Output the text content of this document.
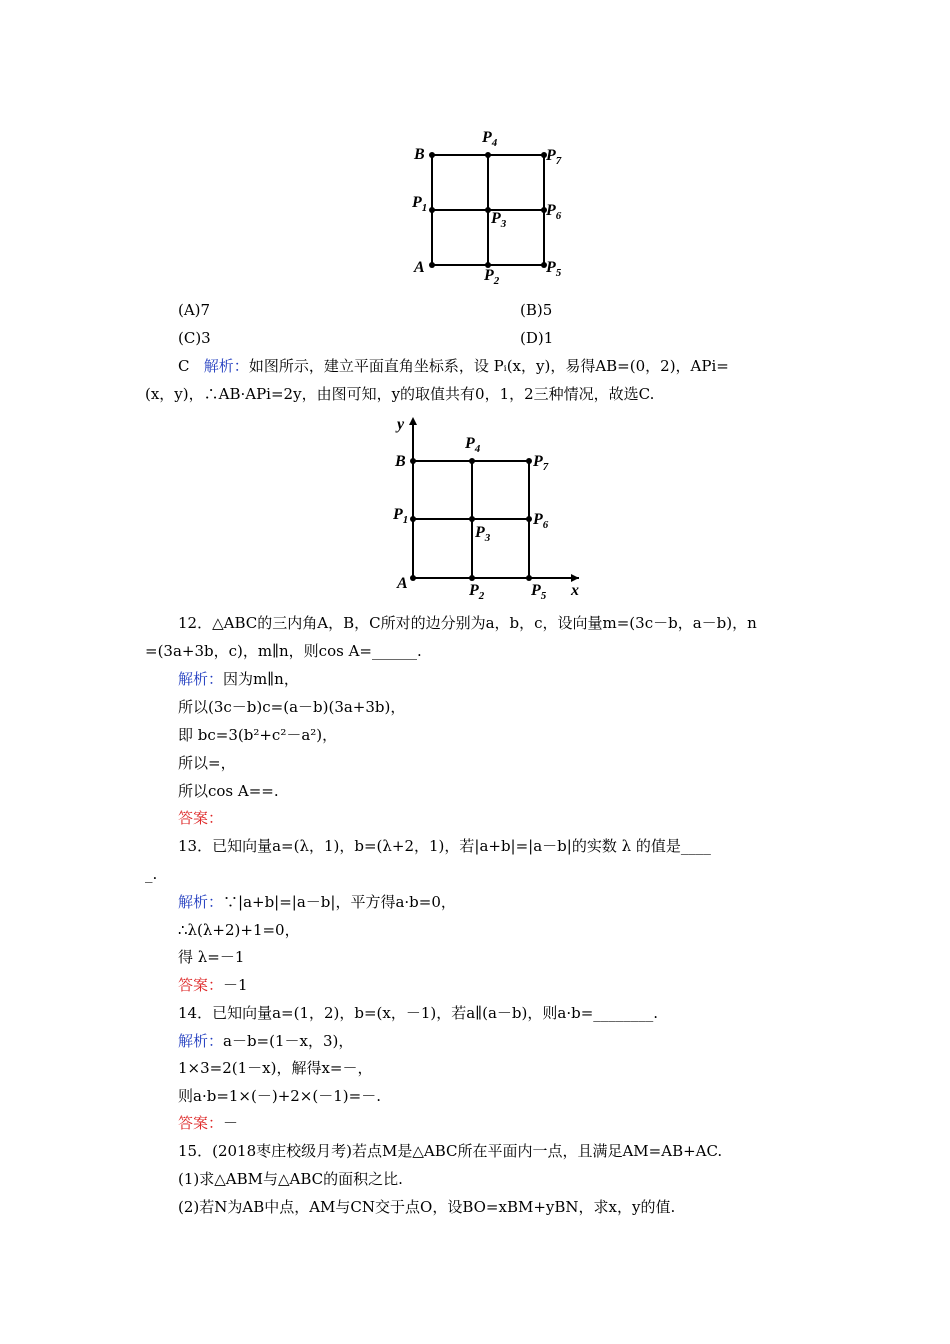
B
A
$P_1$
$P_4$
$P_7$
$P_3$
$P_6$
$P_2$
$P_5$
(A)7	(B)5
(C)3	(D)1
C 解析：如图所示，建立平面直角坐标系，设 Pᵢ(x，y)，易得AB=(0，2)，APi=
(x，y)，∴AB·APi=2y，由图可知，y的取值共有0，1，2三种情况，故选C.
y
x
B
A
$P_1$
$P_4$
$P_7$
$P_3$
$P_6$
$P_2$	$P_5$
12．△ABC的三内角A，B，C所对的边分别为a，b，c，设向量m=(3c－b，a－b)，n
=(3a+3b，c)，m∥n，则cos A=______.
解析：因为m∥n，
所以(3c－b)c=(a－b)(3a+3b)，
即 bc=3(b²+c²－a²)，
所以=，
所以cos A==.
答案：
13．已知向量a=(λ，1)，b=(λ+2，1)，若|a+b|=|a－b|的实数 λ 的值是____
_.
解析：∵|a+b|=|a－b|，平方得a·b=0，
∴λ(λ+2)+1=0，
得 λ=－1
答案：－1
14．已知向量a=(1，2)，b=(x，－1)，若a∥(a－b)，则a·b=________.
解析：a－b=(1－x，3)，
1×3=2(1－x)，解得x=－，
则a·b=1×(－)+2×(－1)=－.
答案：－
15．(2018枣庄校级月考)若点M是△ABC所在平面内一点，且满足AM=AB+AC.
(1)求△ABM与△ABC的面积之比.
(2)若N为AB中点，AM与CN交于点O，设BO=xBM+yBN，求x，y的值.
